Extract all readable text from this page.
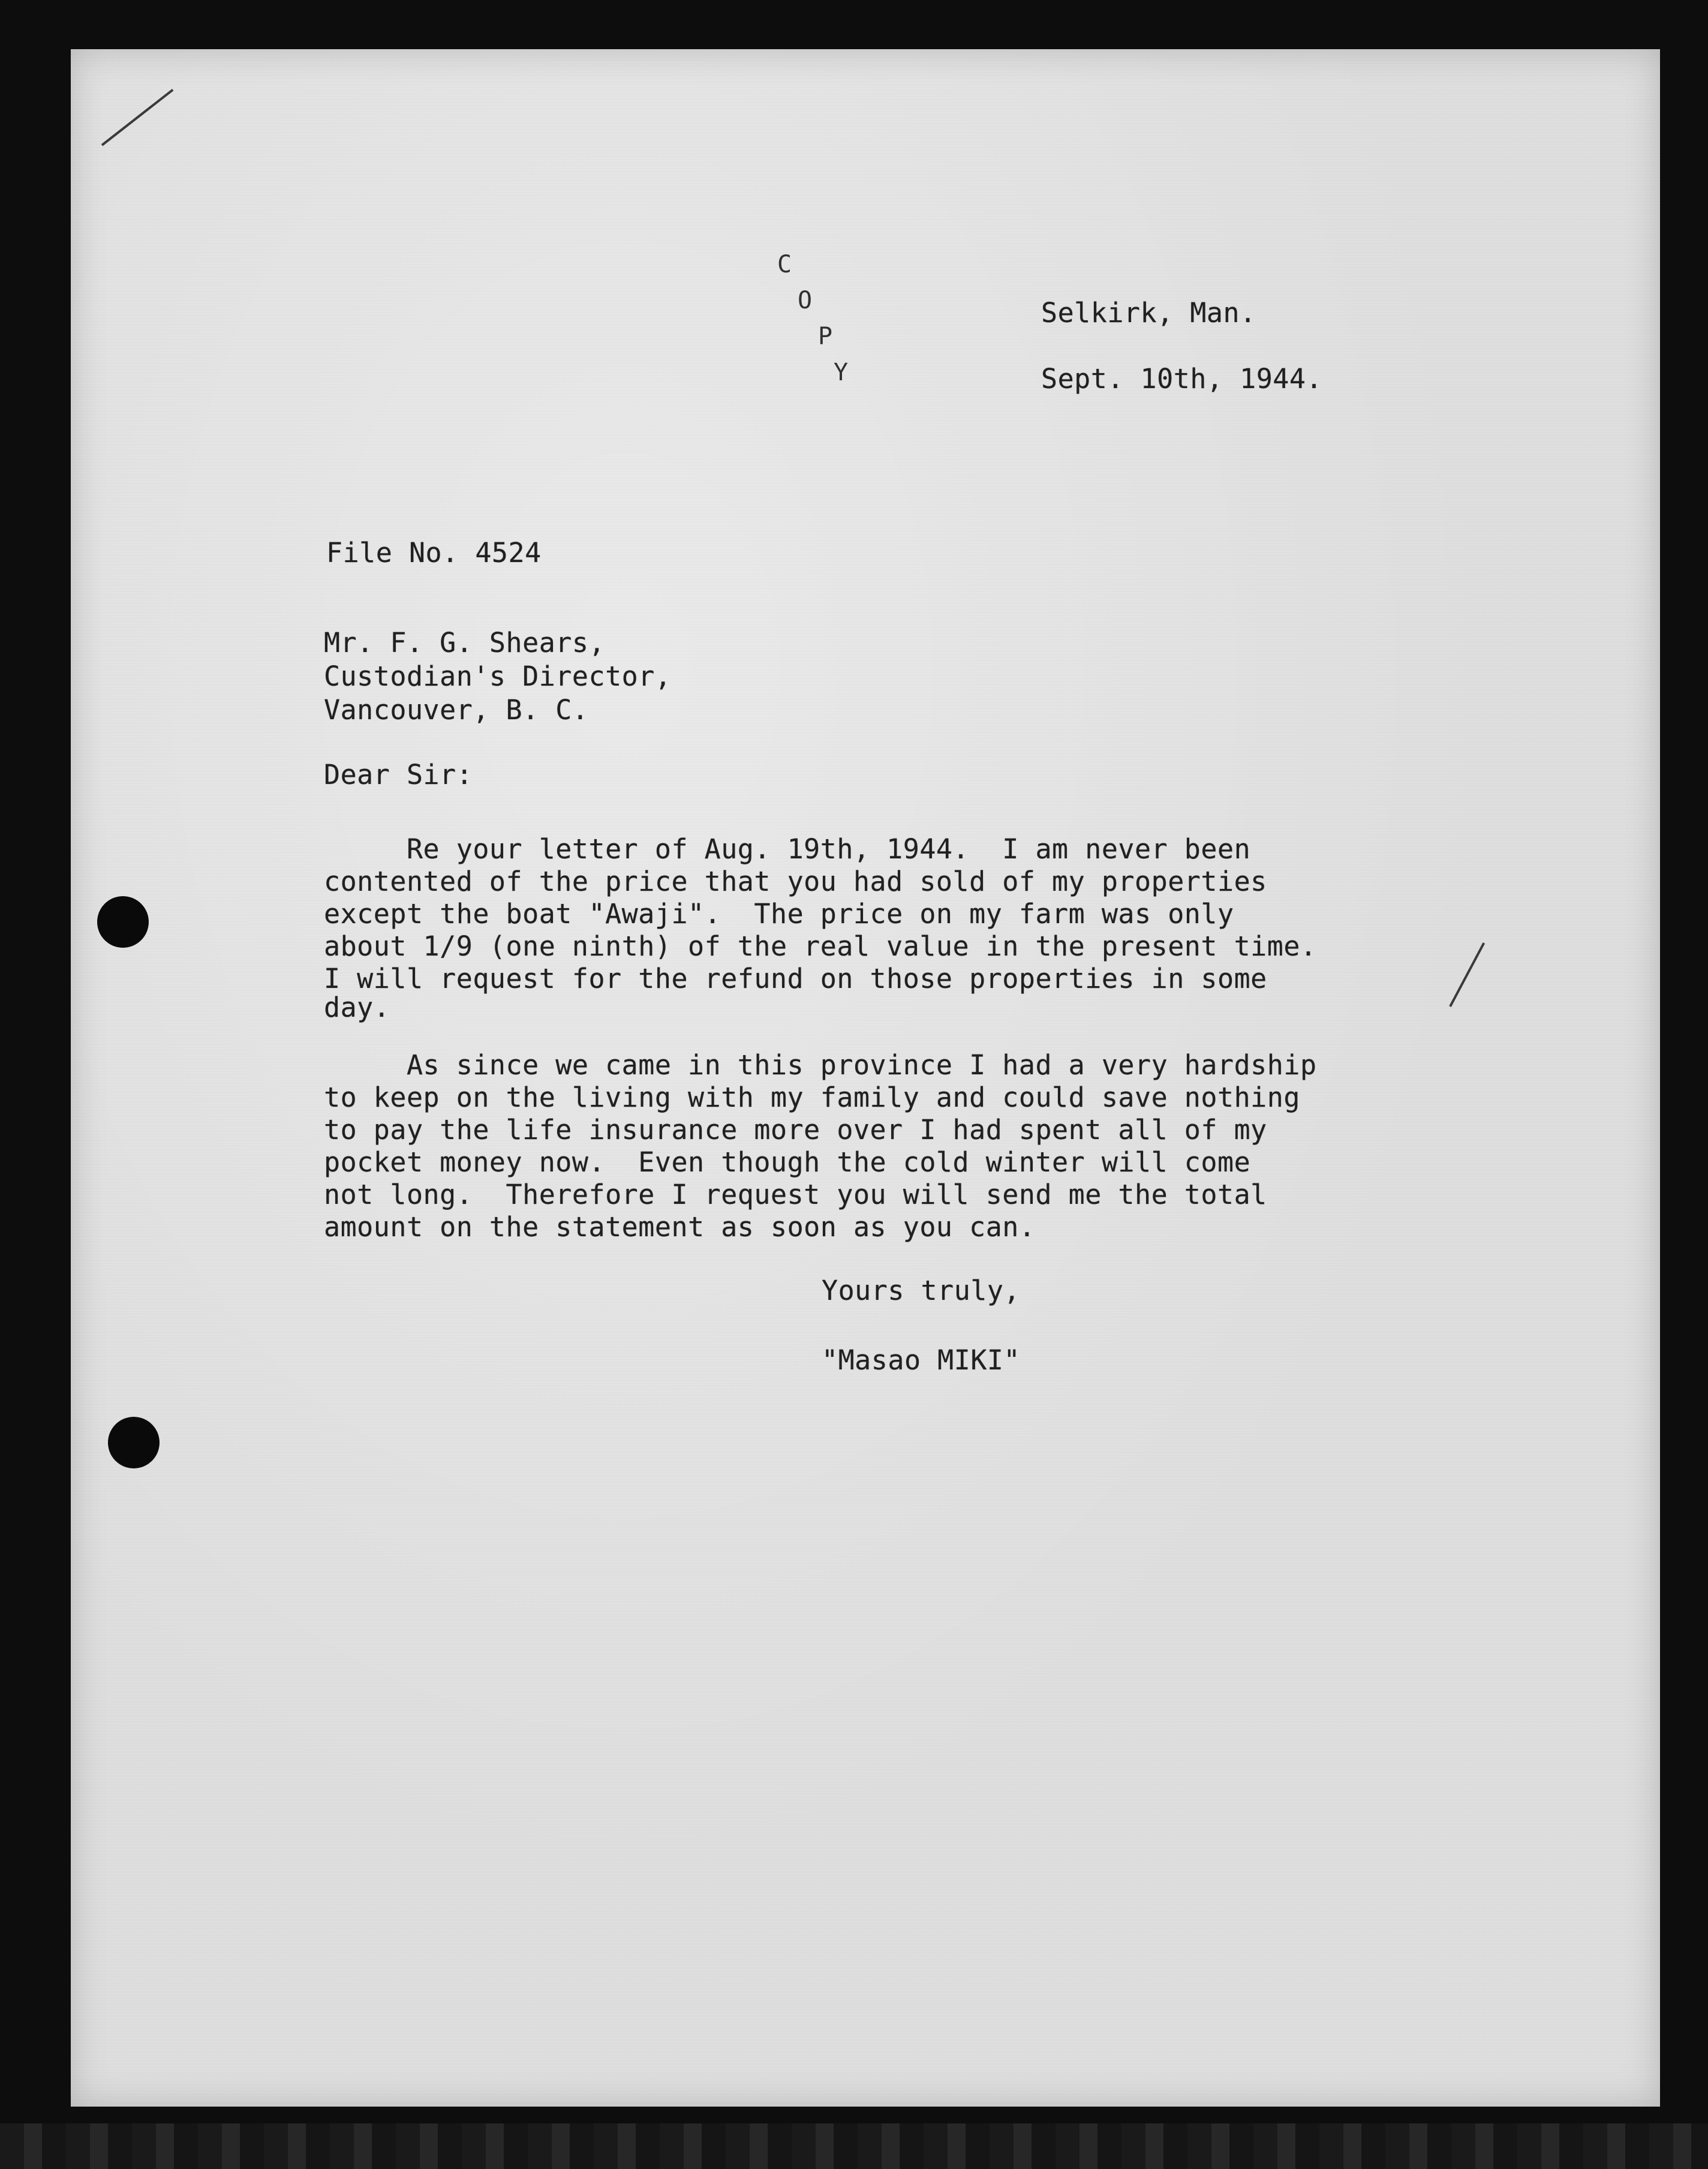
C
O
P
Y
Selkirk, Man.
Sept. 10th, 1944.
File No. 4524
Mr. F. G. Shears,
Custodian's Director,
Vancouver, B. C.
Dear Sir:
Re your letter of Aug. 19th, 1944.  I am never been
contented of the price that you had sold of my properties
except the boat "Awaji".  The price on my farm was only
about 1/9 (one ninth) of the real value in the present time.
I will request for the refund on those properties in some
day.
As since we came in this province I had a very hardship
to keep on the living with my family and could save nothing
to pay the life insurance more over I had spent all of my
pocket money now.  Even though the cold winter will come
not long.  Therefore I request you will send me the total
amount on the statement as soon as you can.
Yours truly,
"Masao MIKI"
